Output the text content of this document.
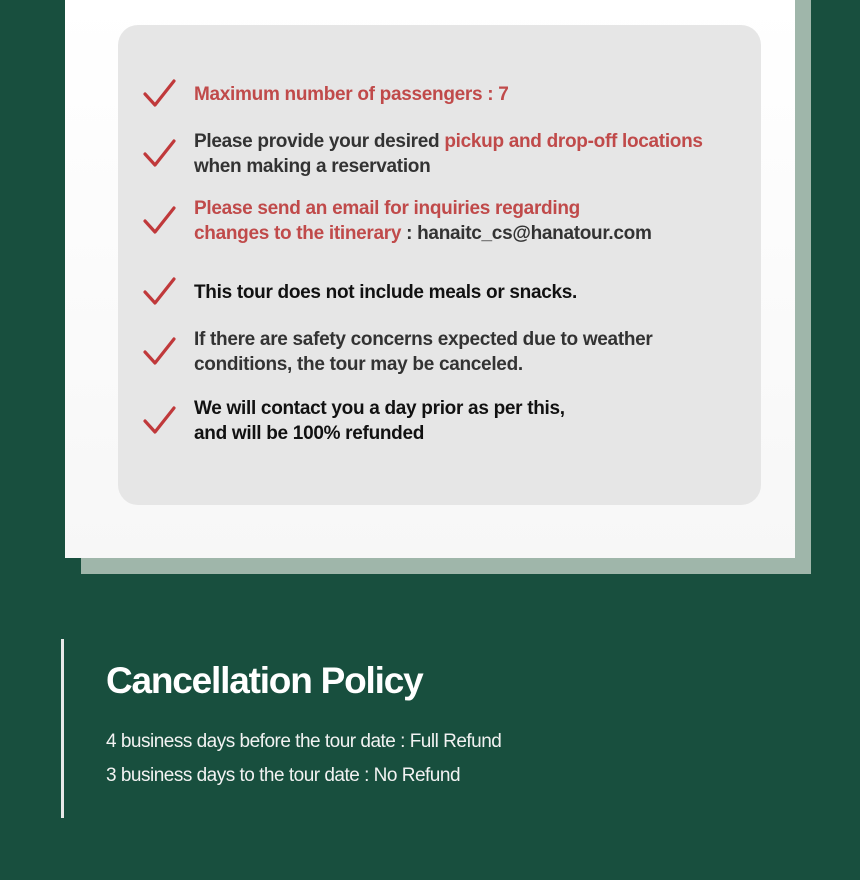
Maximum number of passengers : 7
Please provide your desired pickup and drop-off locations
when making a reservation
Please send an email for inquiries regarding
changes to the itinerary : hanaitc_cs@hanatour.com
This tour does not include meals or snacks.
If there are safety concerns expected due to weather
conditions, the tour may be canceled.
We will contact you a day prior as per this,
and will be 100% refunded
Cancellation Policy
4 business days before the tour date : Full Refund
3 business days to the tour date : No Refund
